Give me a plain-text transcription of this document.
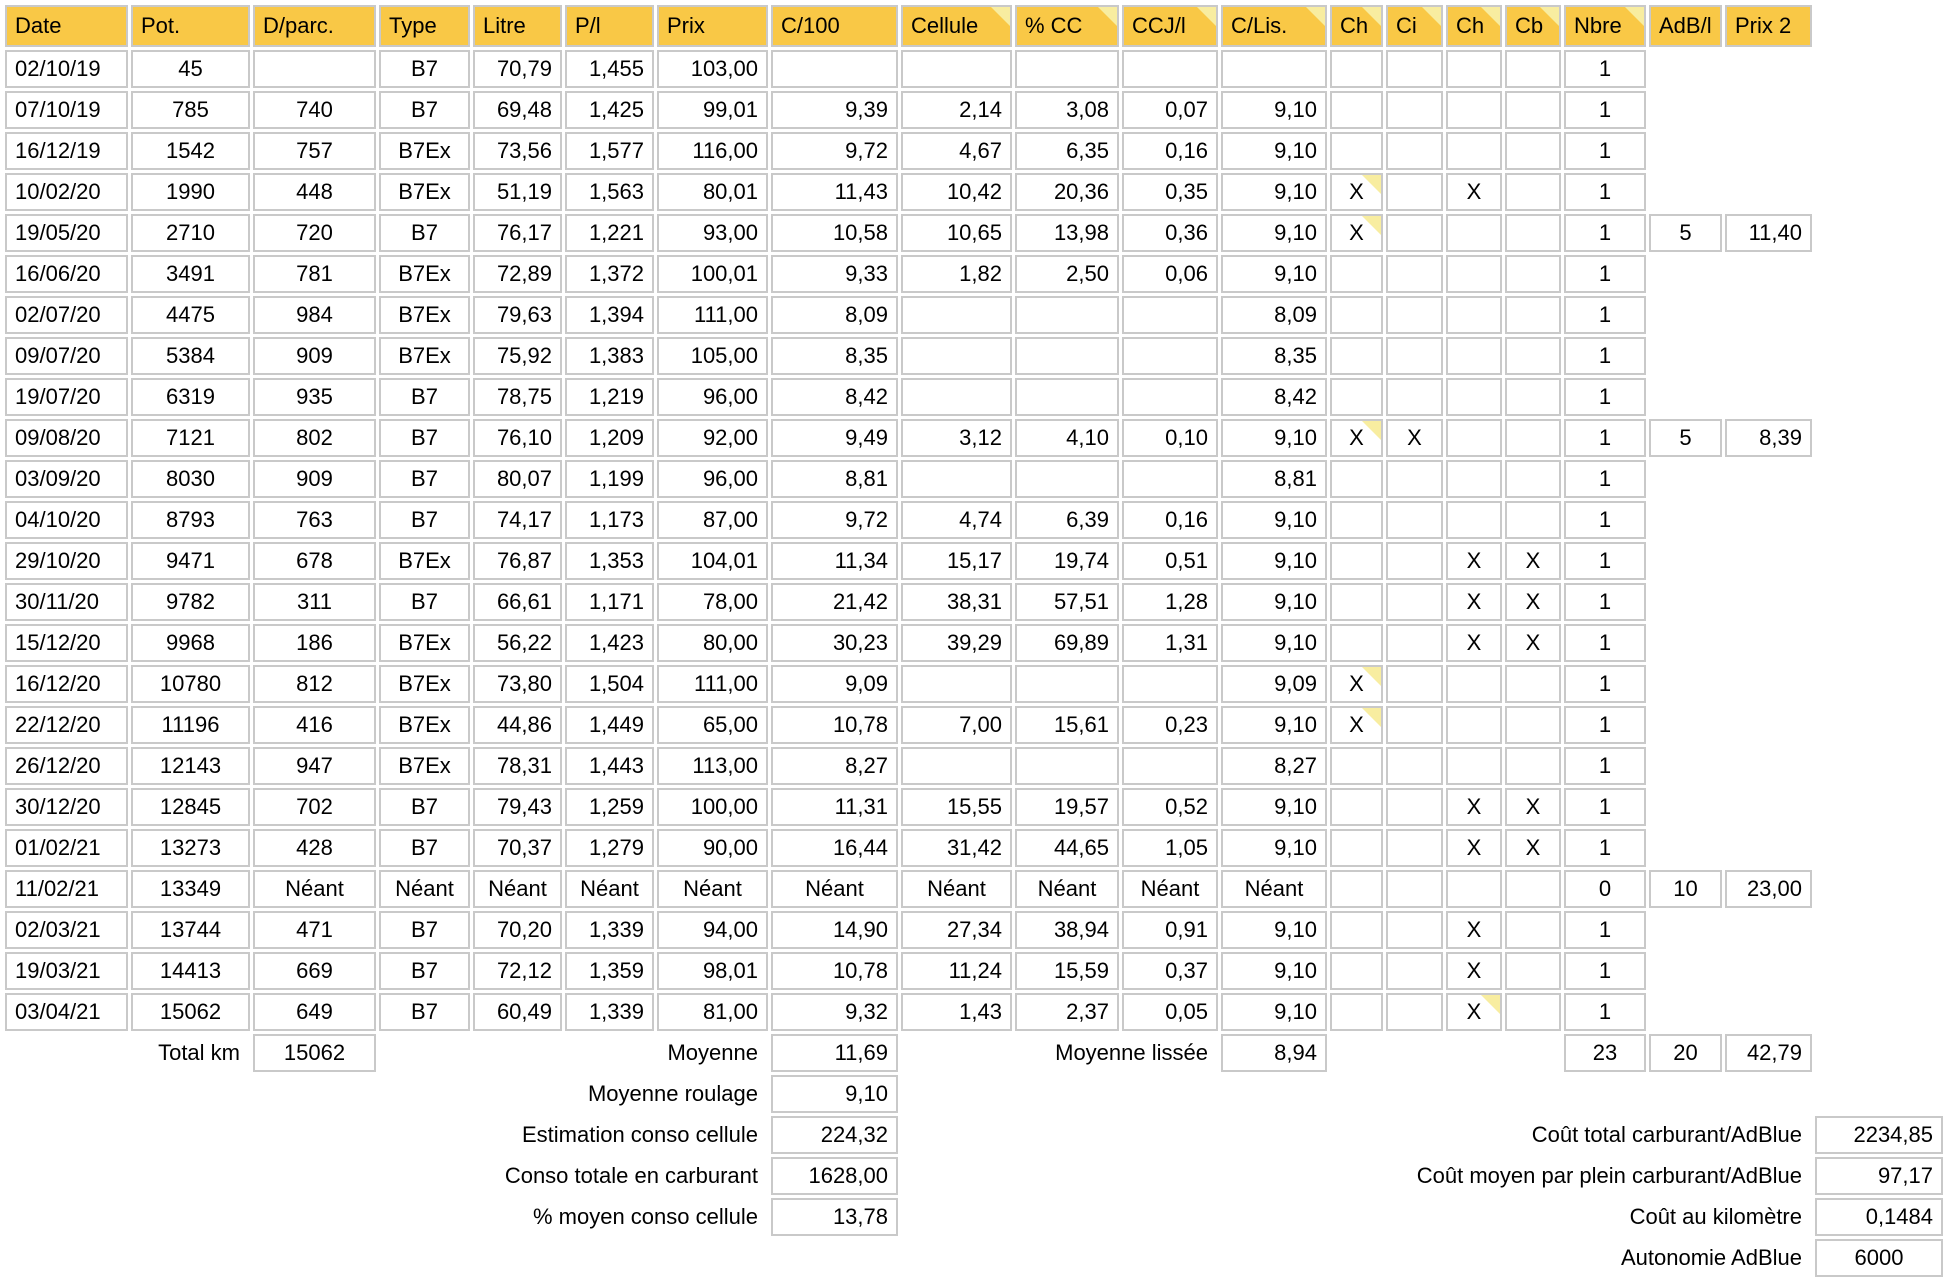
Date	Pot.	D/parc.	Type	Litre	P/l	Prix	C/100	Cellule	% CC	CCJ/l	C/Lis.	Ch	Ci	Ch	Cb	Nbre	AdB/l	Prix 2	
02/10/19	45		B7	70,79	1,455	103,00										1			
07/10/19	785	740	B7	69,48	1,425	99,01	9,39	2,14	3,08	0,07	9,10					1			
16/12/19	1542	757	B7Ex	73,56	1,577	116,00	9,72	4,67	6,35	0,16	9,10					1			
10/02/20	1990	448	B7Ex	51,19	1,563	80,01	11,43	10,42	20,36	0,35	9,10	X		X		1			
19/05/20	2710	720	B7	76,17	1,221	93,00	10,58	10,65	13,98	0,36	9,10	X				1	5	11,40	
16/06/20	3491	781	B7Ex	72,89	1,372	100,01	9,33	1,82	2,50	0,06	9,10					1			
02/07/20	4475	984	B7Ex	79,63	1,394	111,00	8,09				8,09					1			
09/07/20	5384	909	B7Ex	75,92	1,383	105,00	8,35				8,35					1			
19/07/20	6319	935	B7	78,75	1,219	96,00	8,42				8,42					1			
09/08/20	7121	802	B7	76,10	1,209	92,00	9,49	3,12	4,10	0,10	9,10	X	X			1	5	8,39	
03/09/20	8030	909	B7	80,07	1,199	96,00	8,81				8,81					1			
04/10/20	8793	763	B7	74,17	1,173	87,00	9,72	4,74	6,39	0,16	9,10					1			
29/10/20	9471	678	B7Ex	76,87	1,353	104,01	11,34	15,17	19,74	0,51	9,10			X	X	1			
30/11/20	9782	311	B7	66,61	1,171	78,00	21,42	38,31	57,51	1,28	9,10			X	X	1			
15/12/20	9968	186	B7Ex	56,22	1,423	80,00	30,23	39,29	69,89	1,31	9,10			X	X	1			
16/12/20	10780	812	B7Ex	73,80	1,504	111,00	9,09				9,09	X				1			
22/12/20	11196	416	B7Ex	44,86	1,449	65,00	10,78	7,00	15,61	0,23	9,10	X				1			
26/12/20	12143	947	B7Ex	78,31	1,443	113,00	8,27				8,27					1			
30/12/20	12845	702	B7	79,43	1,259	100,00	11,31	15,55	19,57	0,52	9,10			X	X	1			
01/02/21	13273	428	B7	70,37	1,279	90,00	16,44	31,42	44,65	1,05	9,10			X	X	1			
11/02/21	13349	Néant	Néant	Néant	Néant	Néant	Néant	Néant	Néant	Néant	Néant					0	10	23,00	
02/03/21	13744	471	B7	70,20	1,339	94,00	14,90	27,34	38,94	0,91	9,10			X		1			
19/03/21	14413	669	B7	72,12	1,359	98,01	10,78	11,24	15,59	0,37	9,10			X		1			
03/04/21	15062	649	B7	60,49	1,339	81,00	9,32	1,43	2,37	0,05	9,10			X		1			
Total km		15062	Moyenne				11,69	Moyenne lissée			8,94					23	20	42,79	
Moyenne roulage							9,10												
Estimation conso cellule							224,32	Coût total carburant/AdBlue											2234,85
Conso totale en carburant							1628,00	Coût moyen par plein carburant/AdBlue											97,17
% moyen conso cellule							13,78	Coût au kilomètre											0,1484
								Autonomie AdBlue											6000
